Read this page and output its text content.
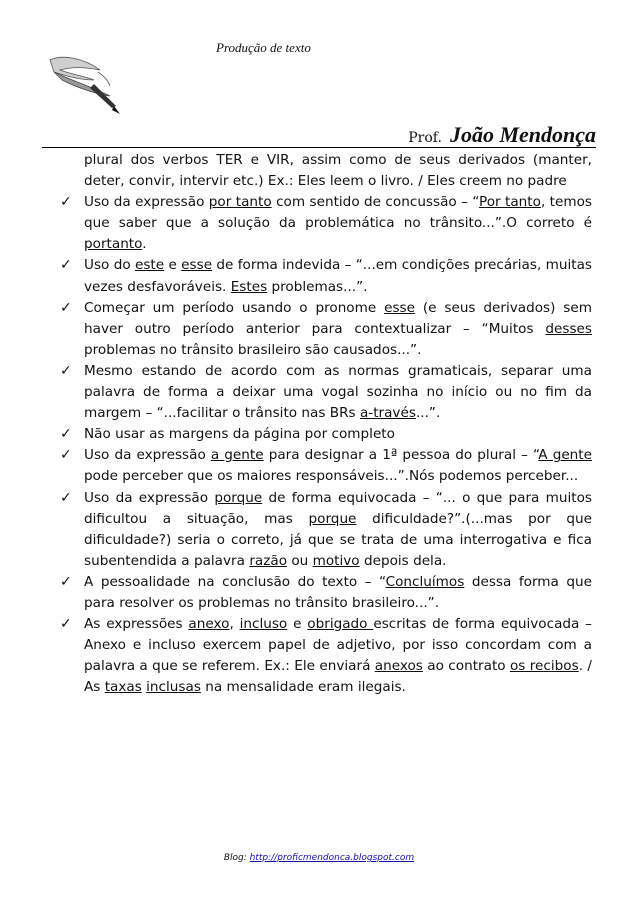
Produção de texto
Prof. João Mendonça

plural dos verbos TER e VIR, assim como de seus derivados (manter, deter, convir, intervir etc.) Ex.: Eles leem o livro. / Eles creem no padre

✓ Uso da expressão por tanto com sentido de concussão – “Por tanto, temos que saber que a solução da problemática no trânsito...”.O correto é portanto.

✓ Uso do este e esse de forma indevida – “...em condições precárias, muitas vezes desfavoráveis. Estes problemas...”.

✓ Começar um período usando o pronome esse (e seus derivados) sem haver outro período anterior para contextualizar – “Muitos desses problemas no trânsito brasileiro são causados...”.

✓ Mesmo estando de acordo com as normas gramaticais, separar uma palavra de forma a deixar uma vogal sozinha no início ou no fim da margem – “...facilitar o trânsito nas BRs a-través...”.

✓ Não usar as margens da página por completo

✓ Uso da expressão a gente para designar a 1ª pessoa do plural – “A gente pode perceber que os maiores responsáveis...”.Nós podemos perceber...

✓ Uso da expressão porque de forma equivocada – “... o que para muitos dificultou a situação, mas porque dificuldade?”.(...mas por que dificuldade?) seria o correto, já que se trata de uma interrogativa e fica subentendida a palavra razão ou motivo depois dela.

✓ A pessoalidade na conclusão do texto – “Concluímos dessa forma que para resolver os problemas no trânsito brasileiro...”.

✓ As expressões anexo, incluso e obrigado escritas de forma equivocada – Anexo e incluso exercem papel de adjetivo, por isso concordam com a palavra a que se referem. Ex.: Ele enviará anexos ao contrato os recibos. / As taxas inclusas na mensalidade eram ilegais.

Blog: http://proficmendonca.blogspot.com
